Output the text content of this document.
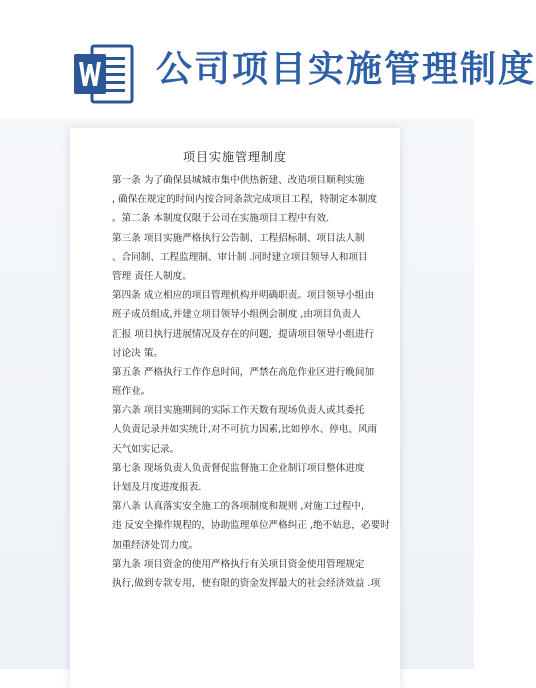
公司项目实施管理制度
项目实施管理制度
第一条 为了确保县城城市集中供热新建、改造项目顺利实施
, 确保在规定的时间内按合同条款完成项目工程，特制定本制度
。第二条 本制度仅限于公司在实施项目工程中有效.
第三条 项目实施严格执行公告制、工程招标制、项目法人制
、合同制、工程监理制、审计制 .同时建立项目领导人和项目
管理 责任人制度。
第四条 成立相应的项目管理机构并明确职责。项目领导小组由
班子成员组成,并建立项目领导小组例会制度 ,由项目负责人
汇报 项目执行进展情况及存在的问题，提请项目领导小组进行
讨论决 策。
第五条 严格执行工作作息时间，严禁在高危作业区进行晚间加
班作业。
第六条 项目实施期间的实际工作天数有现场负责人或其委托
人负责记录并如实统计,对不可抗力因素,比如停水、停电、风雨
天气如实记录。
第七条 现场负责人负责督促监督施工企业制订项目整体进度
计划及月度进度报表.
第八条 认真落实安全施工的各项制度和规则 ,对施工过程中,
违 反安全操作规程的，协助监理单位严格纠正 ,绝不姑息，必要时
加重经济处罚力度。
第九条 项目资金的使用严格执行有关项目资金使用管理规定
执行,做到专款专用，使有限的资金发挥最大的社会经济效益 .项
